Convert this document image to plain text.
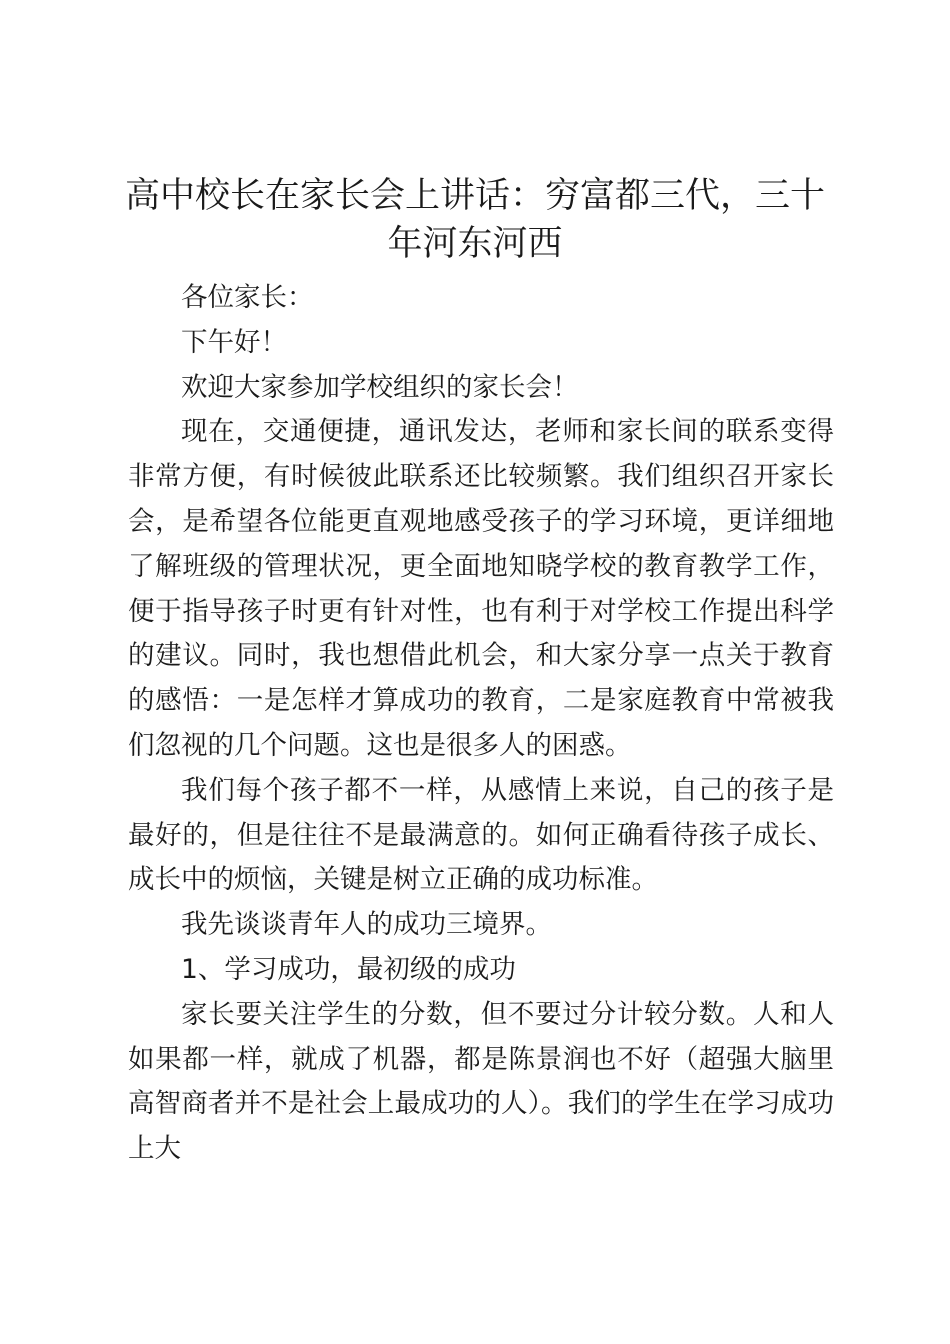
高中校长在家长会上讲话：穷富都三代，三十年河东河西

各位家长：

下午好！

欢迎大家参加学校组织的家长会！

现在，交通便捷，通讯发达，老师和家长间的联系变得非常方便，有时候彼此联系还比较频繁。我们组织召开家长会，是希望各位能更直观地感受孩子的学习环境，更详细地了解班级的管理状况，更全面地知晓学校的教育教学工作，便于指导孩子时更有针对性，也有利于对学校工作提出科学的建议。同时，我也想借此机会，和大家分享一点关于教育的感悟：一是怎样才算成功的教育，二是家庭教育中常被我们忽视的几个问题。这也是很多人的困惑。

我们每个孩子都不一样，从感情上来说，自己的孩子是最好的，但是往往不是最满意的。如何正确看待孩子成长、成长中的烦恼，关键是树立正确的成功标准。

我先谈谈青年人的成功三境界。

1、学习成功，最初级的成功

家长要关注学生的分数，但不要过分计较分数。人和人如果都一样，就成了机器，都是陈景润也不好（超强大脑里高智商者并不是社会上最成功的人）。我们的学生在学习成功上大
